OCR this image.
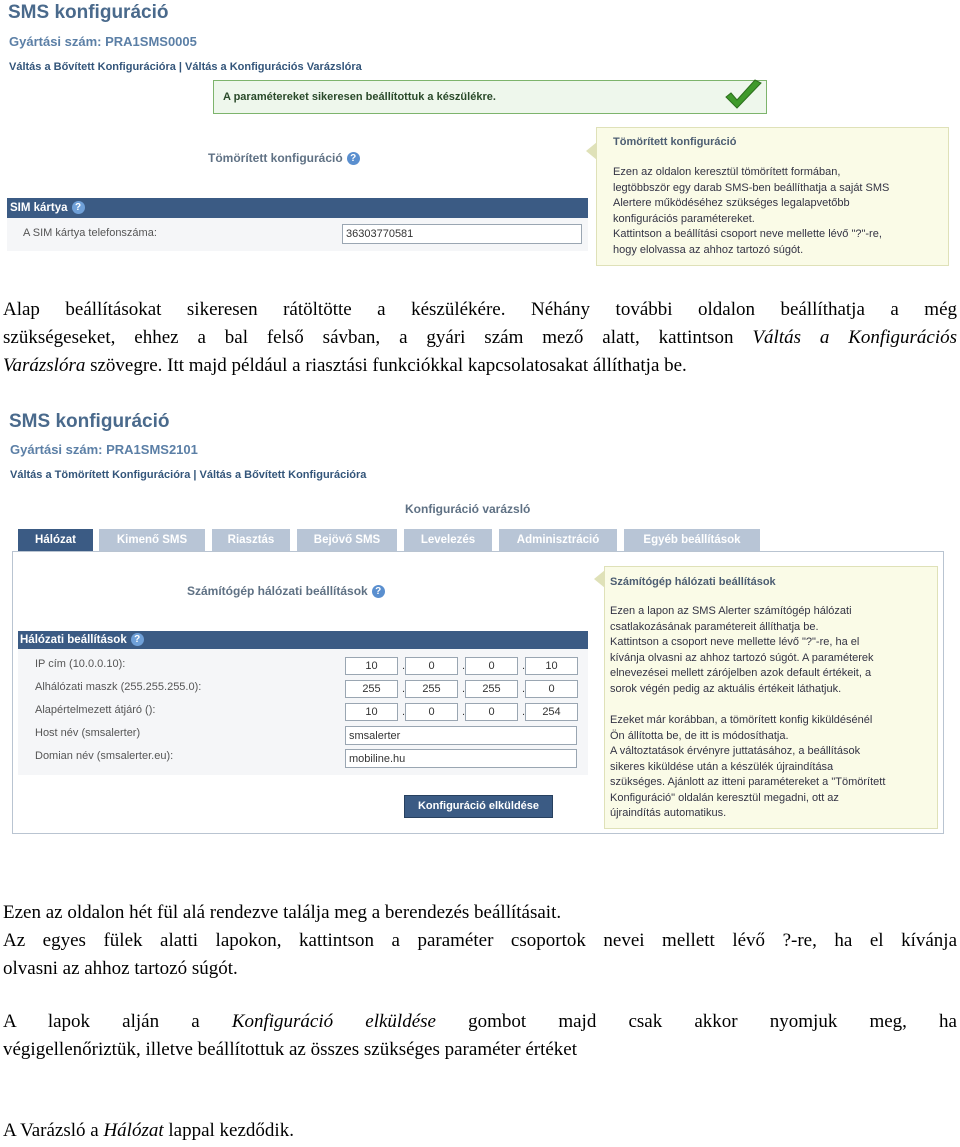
SMS konfiguráció
Gyártási szám: PRA1SMS0005
Váltás a Bővített Konfigurációra | Váltás a Konfigurációs Varázslóra
A paramétereket sikeresen beállítottuk a készülékre.
Tömörített konfiguráció ?
SIM kártya ?
A SIM kártya telefonszáma:
36303770581
Tömörített konfiguráció
Ezen az oldalon keresztül tömörített formában,
legtöbbször egy darab SMS-ben beállíthatja a saját SMS
Alertere működéséhez szükséges legalapvetőbb
konfigurációs paramétereket.
Kattintson a beállítási csoport neve mellette lévő "?"-re,
hogy elolvassa az ahhoz tartozó súgót.
Alap beállításokat sikeresen rátöltötte a készülékére. Néhány további oldalon beállíthatja a még
szükségeseket, ehhez a bal felső sávban, a gyári szám mező alatt, kattintson Váltás a Konfigurációs
Varázslóra szövegre. Itt majd például a riasztási funkciókkal kapcsolatosakat állíthatja be.
SMS konfiguráció
Gyártási szám: PRA1SMS2101
Váltás a Tömörített Konfigurációra | Váltás a Bővített Konfigurációra
Konfiguráció varázsló
Hálózat	Kimenő SMS	Riasztás	Bejövő SMS	Levelezés	Adminisztráció	Egyéb beállítások
Számítógép hálózati beállítások ?
Hálózati beállítások ?
IP cím (10.0.0.10):	10	.	0	.	0	.	10
Alhálózati maszk (255.255.255.0):	255	.	255	.	255	.	0
Alapértelmezett átjáró ():	10	.	0	.	0	.	254
Host név (smsalerter)
smsalerter
Domian név (smsalerter.eu):
mobiline.hu
Konfiguráció elküldése
Számítógép hálózati beállítások
Ezen a lapon az SMS Alerter számítógép hálózati
csatlakozásának paramétereit állíthatja be.
Kattintson a csoport neve mellette lévő "?"-re, ha el
kívánja olvasni az ahhoz tartozó súgót. A paraméterek
elnevezései mellett zárójelben azok default értékeit, a
sorok végén pedig az aktuális értékeit láthatjuk.
Ezeket már korábban, a tömörített konfig kiküldésénél
Ön állította be, de itt is módosíthatja.
A változtatások érvényre juttatásához, a beállítások
sikeres kiküldése után a készülék újraindítása
szükséges. Ajánlott az itteni paramétereket a "Tömörített
Konfiguráció" oldalán keresztül megadni, ott az
újraindítás automatikus.
Ezen az oldalon hét fül alá rendezve találja meg a berendezés beállításait.
Az egyes fülek alatti lapokon, kattintson a paraméter csoportok nevei mellett lévő ?-re, ha el kívánja
olvasni az ahhoz tartozó súgót.
A lapok alján a Konfiguráció elküldése gombot majd csak akkor nyomjuk meg, ha
végigellenőriztük, illetve beállítottuk az összes szükséges paraméter értéket
A Varázsló a Hálózat lappal kezdődik.
